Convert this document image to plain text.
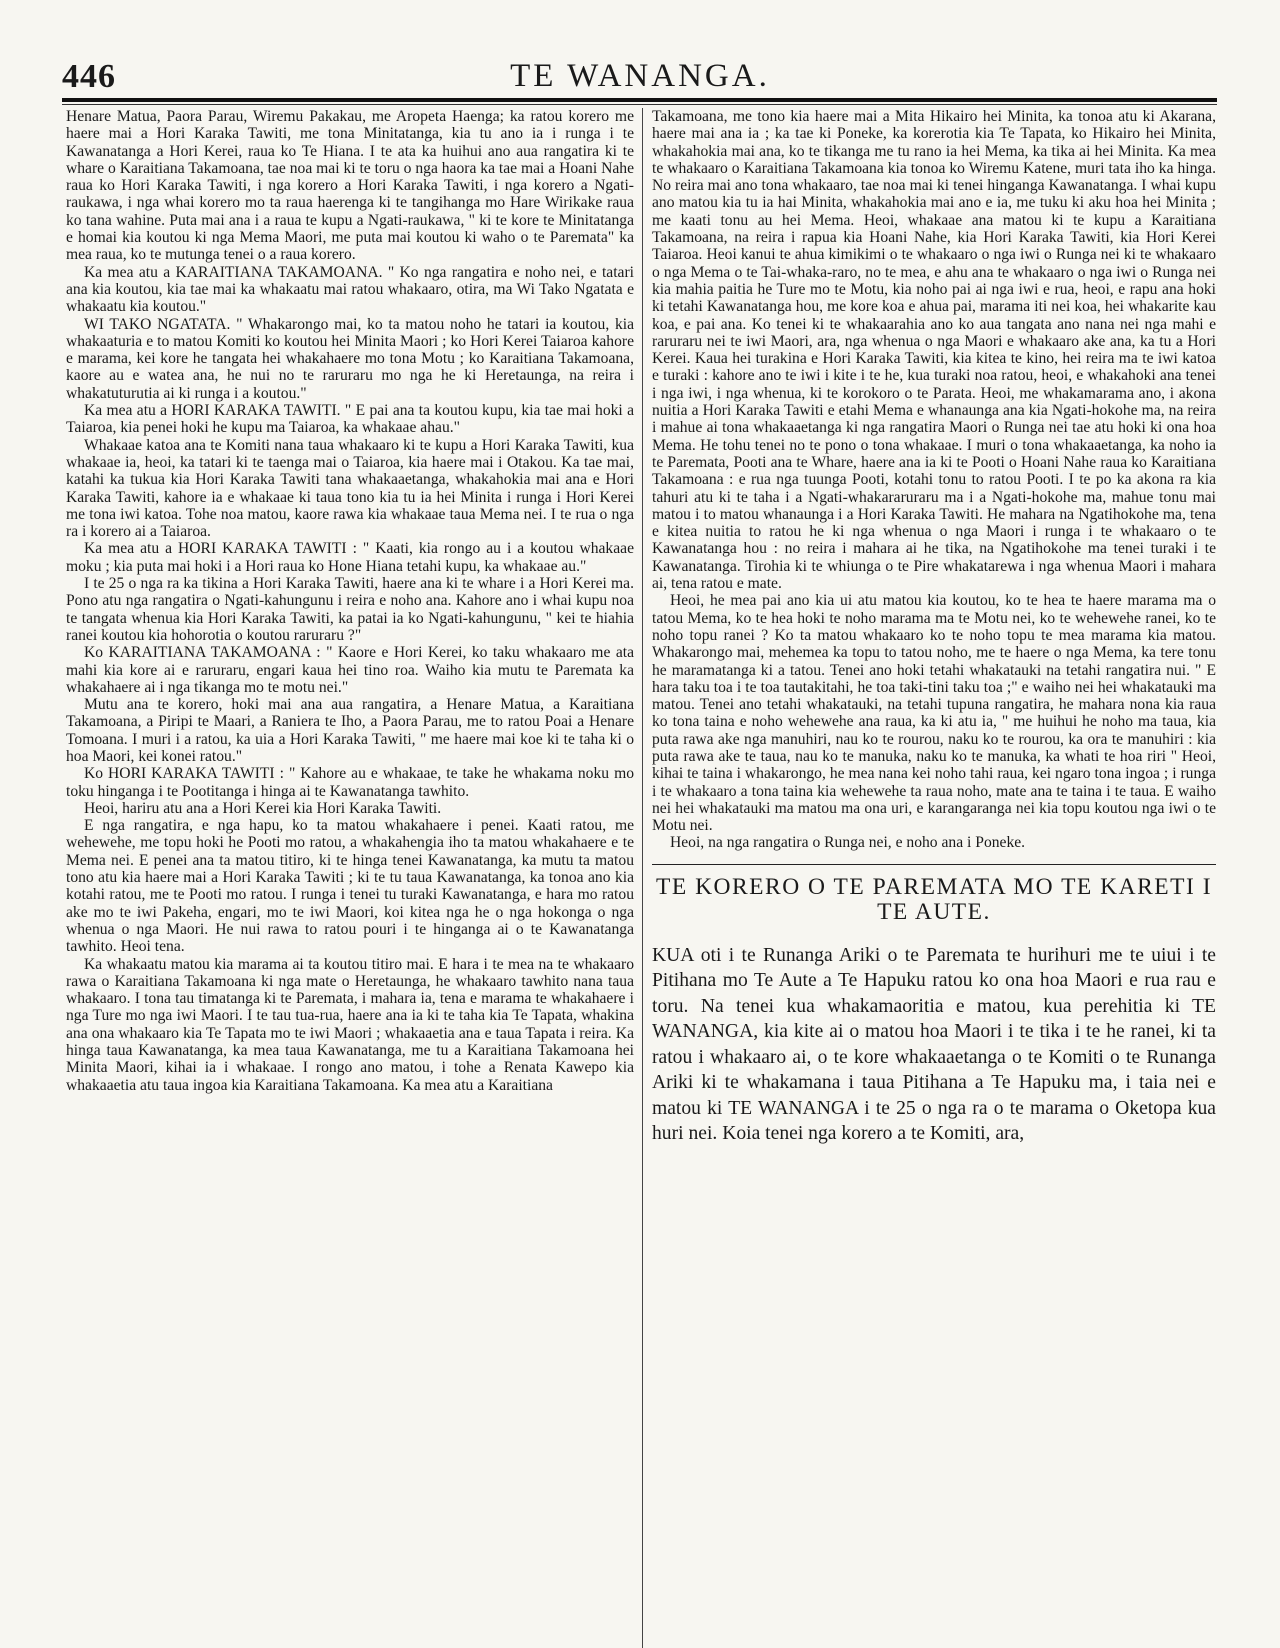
446	TE WANANGA.

Henare Matua, Paora Parau, Wiremu Pakakau, me Aropeta Haenga; ka ratou korero me haere mai a Hori Karaka Tawiti, me tona Minitatanga, kia tu ano ia i runga i te Kawanatanga a Hori Kerei, raua ko Te Hiana. I te ata ka huihui ano aua rangatira ki te whare o Karaitiana Takamoana, tae noa mai ki te toru o nga haora ka tae mai a Hoani Nahe raua ko Hori Karaka Tawiti, i nga korero a Hori Karaka Tawiti, i nga korero a Ngati-raukawa, i nga whai korero mo ta raua haerenga ki te tangihanga mo Hare Wirikake raua ko tana wahine. Puta mai ana i a raua te kupu a Ngati-raukawa, " ki te kore te Minitatanga e homai kia koutou ki nga Mema Maori, me puta mai koutou ki waho o te Paremata" ka mea raua, ko te mutunga tenei o a raua korero.

Ka mea atu a KARAITIANA TAKAMOANA. " Ko nga rangatira e noho nei, e tatari ana kia koutou, kia tae mai ka whakaatu mai ratou whakaaro, otira, ma Wi Tako Ngatata e whakaatu kia koutou."

WI TAKO NGATATA. " Whakarongo mai, ko ta matou noho he tatari ia koutou, kia whakaaturia e to matou Komiti ko koutou hei Minita Maori ; ko Hori Kerei Taiaroa kahore e marama, kei kore he tangata hei whakahaere mo tona Motu ; ko Karaitiana Takamoana, kaore au e watea ana, he nui no te raruraru mo nga he ki Heretaunga, na reira i whakatuturutia ai ki runga i a koutou."

Ka mea atu a HORI KARAKA TAWITI. " E pai ana ta koutou kupu, kia tae mai hoki a Taiaroa, kia penei hoki he kupu ma Taiaroa, ka whakaae ahau."

Whakaae katoa ana te Komiti nana taua whakaaro ki te kupu a Hori Karaka Tawiti, kua whakaae ia, heoi, ka tatari ki te taenga mai o Taiaroa, kia haere mai i Otakou. Ka tae mai, katahi ka tukua kia Hori Karaka Tawiti tana whakaaetanga, whakahokia mai ana e Hori Karaka Tawiti, kahore ia e whakaae ki taua tono kia tu ia hei Minita i runga i Hori Kerei me tona iwi katoa. Tohe noa matou, kaore rawa kia whakaae taua Mema nei. I te rua o nga ra i korero ai a Taiaroa.

Ka mea atu a HORI KARAKA TAWITI : " Kaati, kia rongo au i a koutou whakaae moku ; kia puta mai hoki i a Hori raua ko Hone Hiana tetahi kupu, ka whakaae au."

I te 25 o nga ra ka tikina a Hori Karaka Tawiti, haere ana ki te whare i a Hori Kerei ma. Pono atu nga rangatira o Ngati-kahungunu i reira e noho ana. Kahore ano i whai kupu noa te tangata whenua kia Hori Karaka Tawiti, ka patai ia ko Ngati-kahungunu, " kei te hiahia ranei koutou kia hohorotia o koutou raruraru ?"

Ko KARAITIANA TAKAMOANA : " Kaore e Hori Kerei, ko taku whakaaro me ata mahi kia kore ai e raruraru, engari kaua hei tino roa. Waiho kia mutu te Paremata ka whakahaere ai i nga tikanga mo te motu nei."

Mutu ana te korero, hoki mai ana aua rangatira, a Henare Matua, a Karaitiana Takamoana, a Piripi te Maari, a Raniera te Iho, a Paora Parau, me to ratou Poai a Henare Tomoana. I muri i a ratou, ka uia a Hori Karaka Tawiti, " me haere mai koe ki te taha ki o hoa Maori, kei konei ratou."

Ko HORI KARAKA TAWITI : " Kahore au e whakaae, te take he whakama noku mo toku hinganga i te Pootitanga i hinga ai te Kawanatanga tawhito.

Heoi, hariru atu ana a Hori Kerei kia Hori Karaka Tawiti.

E nga rangatira, e nga hapu, ko ta matou whakahaere i penei. Kaati ratou, me wehewehe, me topu hoki he Pooti mo ratou, a whakahengia iho ta matou whakahaere e te Mema nei. E penei ana ta matou titiro, ki te hinga tenei Kawanatanga, ka mutu ta matou tono atu kia haere mai a Hori Karaka Tawiti ; ki te tu taua Kawanatanga, ka tonoa ano kia kotahi ratou, me te Pooti mo ratou. I runga i tenei tu turaki Kawanatanga, e hara mo ratou ake mo te iwi Pakeha, engari, mo te iwi Maori, koi kitea nga he o nga hokonga o nga whenua o nga Maori. He nui rawa to ratou pouri i te hinganga ai o te Kawanatanga tawhito. Heoi tena.

Ka whakaatu matou kia marama ai ta koutou titiro mai. E hara i te mea na te whakaaro rawa o Karaitiana Takamoana ki nga mate o Heretaunga, he whakaaro tawhito nana taua whakaaro. I tona tau timatanga ki te Paremata, i mahara ia, tena e marama te whakahaere i nga Ture mo nga iwi Maori. I te tau tua-rua, haere ana ia ki te taha kia Te Tapata, whakina ana ona whakaaro kia Te Tapata mo te iwi Maori ; whakaaetia ana e taua Tapata i reira. Ka hinga taua Kawanatanga, ka mea taua Kawanatanga, me tu a Karaitiana Takamoana hei Minita Maori, kihai ia i whakaae. I rongo ano matou, i tohe a Renata Kawepo kia whakaaetia atu taua ingoa kia Karaitiana Takamoana. Ka mea atu a Karaitiana

Takamoana, me tono kia haere mai a Mita Hikairo hei Minita, ka tonoa atu ki Akarana, haere mai ana ia ; ka tae ki Poneke, ka korerotia kia Te Tapata, ko Hikairo hei Minita, whakahokia mai ana, ko te tikanga me tu rano ia hei Mema, ka tika ai hei Minita. Ka mea te whakaaro o Karaitiana Takamoana kia tonoa ko Wiremu Katene, muri tata iho ka hinga. No reira mai ano tona whakaaro, tae noa mai ki tenei hinganga Kawanatanga. I whai kupu ano matou kia tu ia hai Minita, whakahokia mai ano e ia, me tuku ki aku hoa hei Minita ; me kaati tonu au hei Mema. Heoi, whakaae ana matou ki te kupu a Karaitiana Takamoana, na reira i rapua kia Hoani Nahe, kia Hori Karaka Tawiti, kia Hori Kerei Taiaroa. Heoi kanui te ahua kimikimi o te whakaaro o nga iwi o Runga nei ki te whakaaro o nga Mema o te Tai-whaka-raro, no te mea, e ahu ana te whakaaro o nga iwi o Runga nei kia mahia paitia he Ture mo te Motu, kia noho pai ai nga iwi e rua, heoi, e rapu ana hoki ki tetahi Kawanatanga hou, me kore koa e ahua pai, marama iti nei koa, hei whakarite kau koa, e pai ana. Ko tenei ki te whakaarahia ano ko aua tangata ano nana nei nga mahi e raruraru nei te iwi Maori, ara, nga whenua o nga Maori e whakaaro ake ana, ka tu a Hori Kerei. Kaua hei turakina e Hori Karaka Tawiti, kia kitea te kino, hei reira ma te iwi katoa e turaki : kahore ano te iwi i kite i te he, kua turaki noa ratou, heoi, e whakahoki ana tenei i nga iwi, i nga whenua, ki te korokoro o te Parata. Heoi, me whakamarama ano, i akona nuitia a Hori Karaka Tawiti e etahi Mema e whanaunga ana kia Ngati-hokohe ma, na reira i mahue ai tona whakaaetanga ki nga rangatira Maori o Runga nei tae atu hoki ki ona hoa Mema. He tohu tenei no te pono o tona whakaae. I muri o tona whakaaetanga, ka noho ia te Paremata, Pooti ana te Whare, haere ana ia ki te Pooti o Hoani Nahe raua ko Karaitiana Takamoana : e rua nga tuunga Pooti, kotahi tonu to ratou Pooti. I te po ka akona ra kia tahuri atu ki te taha i a Ngati-whakararuraru ma i a Ngati-hokohe ma, mahue tonu mai matou i to matou whanaunga i a Hori Karaka Tawiti. He mahara na Ngatihokohe ma, tena e kitea nuitia to ratou he ki nga whenua o nga Maori i runga i te whakaaro o te Kawanatanga hou : no reira i mahara ai he tika, na Ngatihokohe ma tenei turaki i te Kawanatanga. Tirohia ki te whiunga o te Pire whakatarewa i nga whenua Maori i mahara ai, tena ratou e mate.

Heoi, he mea pai ano kia ui atu matou kia koutou, ko te hea te haere marama ma o tatou Mema, ko te hea hoki te noho marama ma te Motu nei, ko te wehewehe ranei, ko te noho topu ranei ? Ko ta matou whakaaro ko te noho topu te mea marama kia matou. Whakarongo mai, mehemea ka topu to tatou noho, me te haere o nga Mema, ka tere tonu he maramatanga ki a tatou. Tenei ano hoki tetahi whakatauki na tetahi rangatira nui. " E hara taku toa i te toa tautakitahi, he toa taki-tini taku toa ;" e waiho nei hei whakatauki ma matou. Tenei ano tetahi whakatauki, na tetahi tupuna rangatira, he mahara nona kia raua ko tona taina e noho wehewehe ana raua, ka ki atu ia, " me huihui he noho ma taua, kia puta rawa ake nga manuhiri, nau ko te rourou, naku ko te rourou, ka ora te manuhiri : kia puta rawa ake te taua, nau ko te manuka, naku ko te manuka, ka whati te hoa riri " Heoi, kihai te taina i whakarongo, he mea nana kei noho tahi raua, kei ngaro tona ingoa ; i runga i te whakaaro a tona taina kia wehewehe ta raua noho, mate ana te taina i te taua. E waiho nei hei whakatauki ma matou ma ona uri, e karangaranga nei kia topu koutou nga iwi o te Motu nei.

Heoi, na nga rangatira o Runga nei, e noho ana i Poneke.

TE KORERO O TE PAREMATA MO TE KARETI I TE AUTE.

KUA oti i te Runanga Ariki o te Paremata te hurihuri me te uiui i te Pitihana mo Te Aute a Te Hapuku ratou ko ona hoa Maori e rua rau e toru. Na tenei kua whakamaoritia e matou, kua perehitia ki TE WANANGA, kia kite ai o matou hoa Maori i te tika i te he ranei, ki ta ratou i whakaaro ai, o te kore whakaaetanga o te Komiti o te Runanga Ariki ki te whakamana i taua Pitihana a Te Hapuku ma, i taia nei e matou ki TE WANANGA i te 25 o nga ra o te marama o Oketopa kua huri nei. Koia tenei nga korero a te Komiti, ara,
